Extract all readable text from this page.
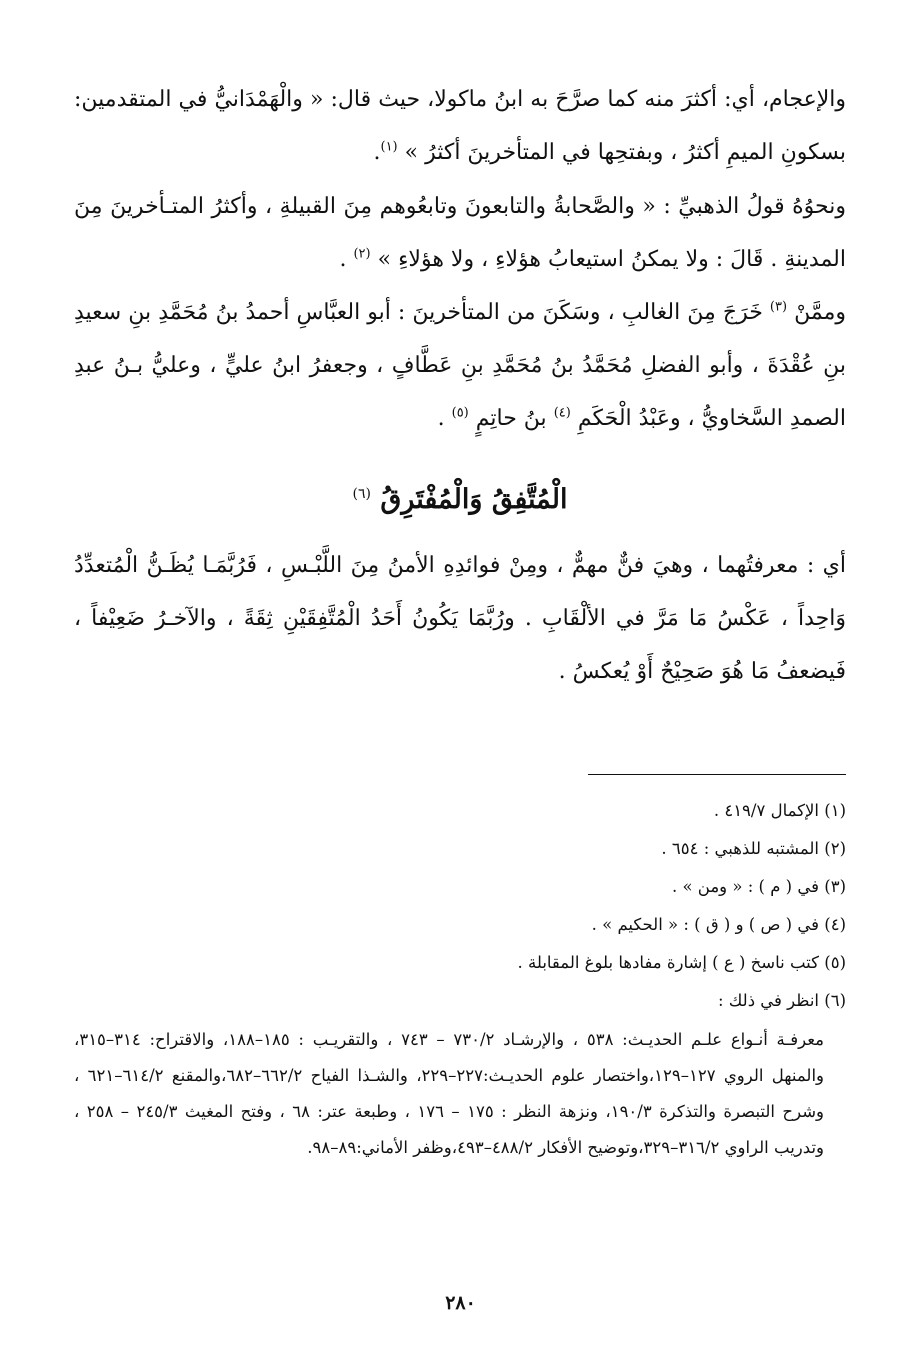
والإعجام، أي: أكثرَ منه كما صرَّحَ به ابنُ ماكولا، حيث قال: « والْهَمْدَانيُّ في المتقدمين: بسكونِ الميمِ أكثرُ ، وبفتحِها في المتأخرينَ أكثرُ » $^{(١)}$.

ونحوُهُ قولُ الذهبيِّ : « والصَّحابةُ والتابعونَ وتابعُوهم مِنَ القبيلةِ ، وأكثرُ المتـأخرينَ مِنَ المدينةِ . قَالَ : ولا يمكنُ استيعابُ هؤلاءِ ، ولا هؤلاءِ » $^{(٢)}$ .

وممَّنْ $^{(٣)}$ خَرَجَ مِنَ الغالبِ ، وسَكَنَ من المتأخرينَ : أبو العبَّاسِ أحمدُ بنُ مُحَمَّدِ بنِ سعيدِ بنِ عُقْدَةَ ، وأبو الفضلِ مُحَمَّدُ بنُ مُحَمَّدِ بنِ عَطَّافٍ ، وجعفرُ ابنُ عليٍّ ، وعليُّ بـنُ عبدِ الصمدِ السَّخاويُّ ، وعَبْدُ الْحَكَمِ $^{(٤)}$ بنُ حاتِمٍ $^{(٥)}$ .

الْمُتَّفِقُ وَالْمُفْتَرِقُ $^{(٦)}$

أي : معرفتُهما ، وهيَ فنٌّ مهمٌّ ، ومِنْ فوائدِهِ الأمنُ مِنَ اللَّبْـسِ ، فَرُبَّمَـا يُظَـنُّ الْمُتعدِّدُ وَاحِداً ، عَكْسُ مَا مَرَّ في الألْقَابِ . ورُبَّمَا يَكُونُ أَحَدُ الْمُتَّفِقَيْنِ ثِقَةً ، والآخـرُ ضَعِيْفاً ، فَيضعفُ مَا هُوَ صَحِيْحٌ أَوْ يُعكسُ .

(١) الإكمال ٤١٩/٧ .
(٢) المشتبه للذهبي : ٦٥٤ .
(٣) في ( م ) : « ومن » .
(٤) في ( ص ) و ( ق ) : « الحكيم » .
(٥) كتب ناسخ ( ع ) إشارة مفادها بلوغ المقابلة .
(٦) انظر في ذلك :
معرفـة أنـواع علـم الحديـث: ٥٣٨ ، والإرشـاد ٧٣٠/٢ – ٧٤٣ ، والتقريـب : ١٨٥–١٨٨، والاقتراح: ٣١٤–٣١٥، والمنهل الروي ١٢٧–١٢٩،واختصار علوم الحديـث:٢٢٧–٢٢٩، والشـذا الفياح ٦٦٢/٢–٦٨٢،والمقنع ٦١٤/٢–٦٢١ ، وشرح التبصرة والتذكرة ١٩٠/٣، ونزهة النظر : ١٧٥ – ١٧٦ ، وطبعة عتر: ٦٨ ، وفتح المغيث ٢٤٥/٣ – ٢٥٨ ، وتدريب الراوي ٣١٦/٢–٣٢٩،وتوضيح الأفكار ٤٨٨/٢–٤٩٣،وظفر الأماني:٨٩–٩٨.
٢٨٠
